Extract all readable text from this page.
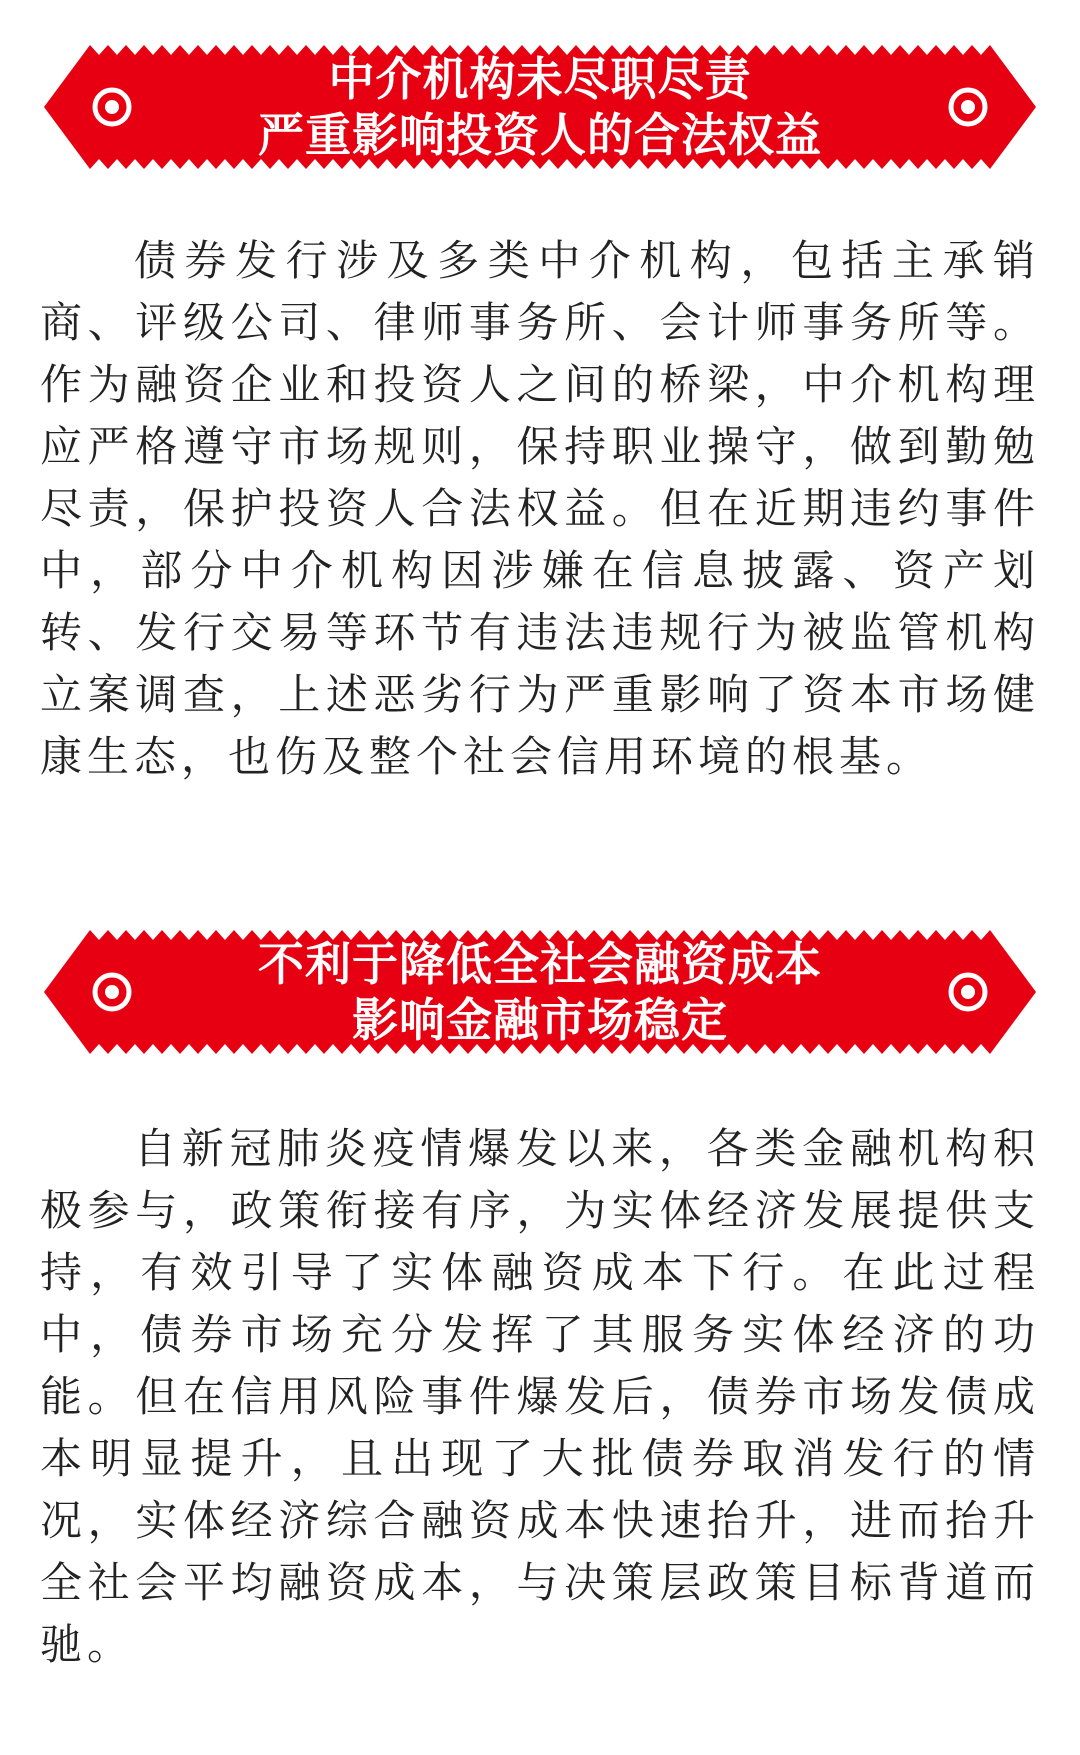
中介机构未尽职尽责
严重影响投资人的合法权益

债券发行涉及多类中介机构，包括主承销商、评级公司、律师事务所、会计师事务所等。作为融资企业和投资人之间的桥梁，中介机构理应严格遵守市场规则，保持职业操守，做到勤勉尽责，保护投资人合法权益。但在近期违约事件中，部分中介机构因涉嫌在信息披露、资产划转、发行交易等环节有违法违规行为被监管机构立案调查，上述恶劣行为严重影响了资本市场健康生态，也伤及整个社会信用环境的根基。

不利于降低全社会融资成本
影响金融市场稳定

自新冠肺炎疫情爆发以来，各类金融机构积极参与，政策衔接有序，为实体经济发展提供支持，有效引导了实体融资成本下行。在此过程中，债券市场充分发挥了其服务实体经济的功能。但在信用风险事件爆发后，债券市场发债成本明显提升，且出现了大批债券取消发行的情况，实体经济综合融资成本快速抬升，进而抬升全社会平均融资成本，与决策层政策目标背道而驰。
